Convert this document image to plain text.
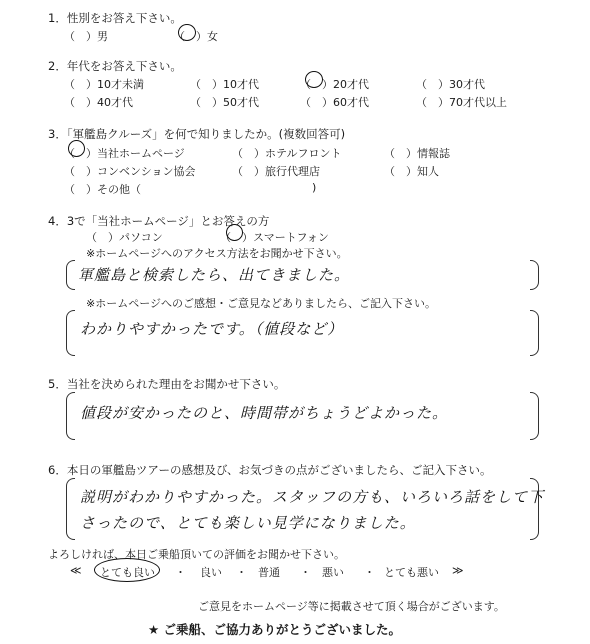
1．性別をお答え下さい。
（　）男	（　）女
2．年代をお答え下さい。
（　）10才未満	（　）10才代	（　）20才代	（　）30才代
（　）40才代	（　）50才代	（　）60才代	（　）70才代以上
3．「軍艦島クルーズ」を何で知りましたか。(複数回答可)
（　）当社ホームページ	（　）ホテルフロント	（　）情報誌
（　）コンベンション協会	（　）旅行代理店	（　）知人
（　）その他（	)
4．3で「当社ホームページ」とお答えの方
（　）パソコン	（　）スマートフォン
※ホームページへのアクセス方法をお聞かせ下さい。
軍艦島と検索したら、出てきました。
※ホームページへのご感想・ご意見などありましたら、ご記入下さい。
わかりやすかったです。（値段など）
5．当社を決められた理由をお聞かせ下さい。
値段が安かったのと、時間帯がちょうどよかった。
6．本日の軍艦島ツアーの感想及び、お気づきの点がございましたら、ご記入下さい。
説明がわかりやすかった。スタッフの方も、いろいろ話をして下
さったので、とても楽しい見学になりました。
よろしければ、本日ご乗船頂いての評価をお聞かせ下さい。
≪ とても良い ・ 良い ・ 普通 ・ 悪い ・ とても悪い ≫
ご意見をホームページ等に掲載させて頂く場合がございます。
★ ご乗船、ご協力ありがとうございました。
